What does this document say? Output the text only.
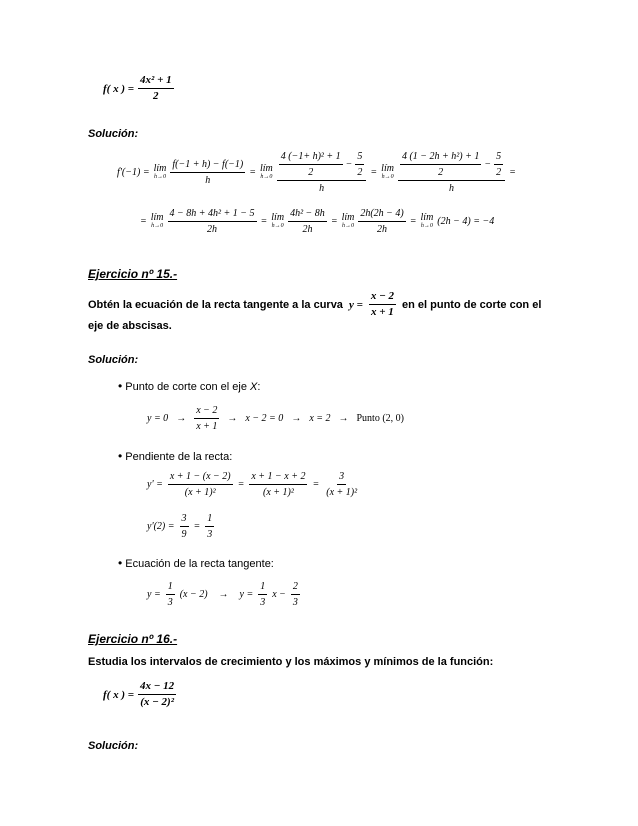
f( x ) = $\frac{\text{4x² + 1}}{2}$
Solución:
f'(−1) = lím
$h\to 0 \frac{f(-1 + h) - f(-1)}{h}$ = lím
$h\to 0 \frac{\frac{\text{4 (−1+ h)² + 1}}{2} - \frac{5}{2}}{h}$ = lím
$h\to 0 \frac{\frac{\text{4 (1 − 2h + h²) + 1}}{2} - \frac{5}{2}}{h}$ =
= lím
$h\to 0 \frac{\text{4 − 8h + 4h² + 1 − 5}}{2h}$ = lím
$h\to 0 \frac{\text{4h² − 8h}}{2h}$ = lím
$h\to 0 \frac{2h(2h - 4)}{2h}$ = lím
h→0 (2h − 4) = −4
Ejercicio nº 15.-
Obtén la ecuación de la recta tangente a la curva $y = \frac{x - 2}{x + 1}$ en el punto de corte con el
eje de abscisas.
Solución:
• Punto de corte con el eje X:
$y = 0 \to \frac{x - 2}{x + 1} \to x - 2 = 0 \to x = 2$ → Punto (2, 0)
• Pendiente de la recta:
$y' = \frac{x + 1 - (x - 2)}{\text{(x + 1)²}} = \frac{x + 1 - x + 2}{\text{(x + 1)²}} = \frac{3}{\text{(x + 1)²}}$
$y'(2) = \frac{3}{9} = \frac{1}{3}$
• Ecuación de la recta tangente:
$y = \frac{1}{3} (x - 2) \to y = \frac{1}{3}$ $x - \frac{2}{3}$
Ejercicio nº 16.-
Estudia los intervalos de crecimiento y los máximos y mínimos de la función:
f( x ) = $\frac{4x - 12}{\text{(x − 2)²}}$
Solución:
